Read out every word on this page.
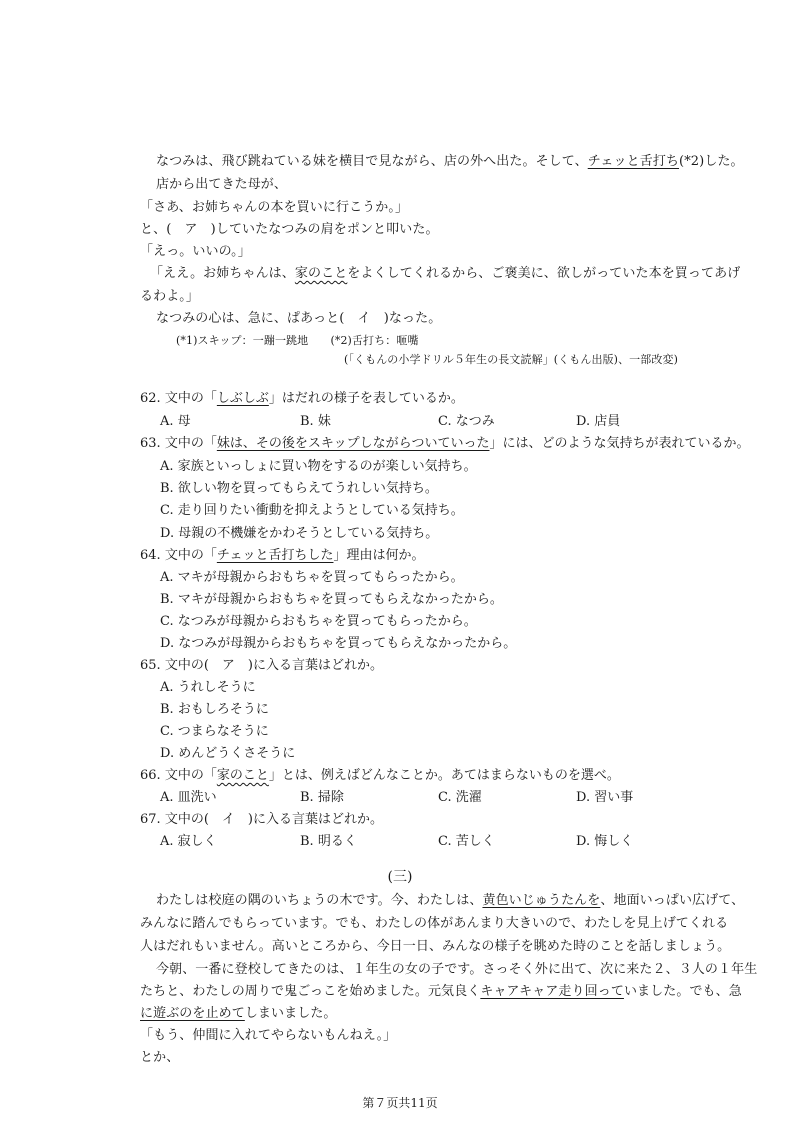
なつみは、飛び跳ねている妹を横目で見ながら、店の外へ出た。そして、チェッと舌打ち(*2)した。
店から出てきた母が、
「さあ、お姉ちゃんの本を買いに行こうか。」
と、(　ア　)していたなつみの肩をポンと叩いた。
「えっ。いいの。」
「ええ。お姉ちゃんは、家のことをよくしてくれるから、ご褒美に、欲しがっていた本を買ってあげ
るわよ。」
なつみの心は、急に、ぱあっと(　イ　)なった。
(*1)スキップ：一蹦一跳地　　(*2)舌打ち：咂嘴
(「くもんの小学ドリル５年生の長文読解」(くもん出版)、一部改変)
62. 文中の「しぶしぶ」はだれの様子を表しているか。
A. 母	B. 妹	C. なつみ	D. 店員
63. 文中の「妹は、その後をスキップしながらついていった」には、どのような気持ちが表れているか。
A. 家族といっしょに買い物をするのが楽しい気持ち。
B. 欲しい物を買ってもらえてうれしい気持ち。
C. 走り回りたい衝動を抑えようとしている気持ち。
D. 母親の不機嫌をかわそうとしている気持ち。
64. 文中の「チェッと舌打ちした」理由は何か。
A. マキが母親からおもちゃを買ってもらったから。
B. マキが母親からおもちゃを買ってもらえなかったから。
C. なつみが母親からおもちゃを買ってもらったから。
D. なつみが母親からおもちゃを買ってもらえなかったから。
65. 文中の(　ア　)に入る言葉はどれか。
A. うれしそうに
B. おもしろそうに
C. つまらなそうに
D. めんどうくさそうに
66. 文中の「家のこと」とは、例えばどんなことか。あてはまらないものを選べ。
A. 皿洗い	B. 掃除	C. 洗濯	D. 習い事
67. 文中の(　イ　)に入る言葉はどれか。
A. 寂しく	B. 明るく	C. 苦しく	D. 悔しく
(三)
わたしは校庭の隅のいちょうの木です。今、わたしは、黄色いじゅうたんを、地面いっぱい広げて、
みんなに踏んでもらっています。でも、わたしの体があんまり大きいので、わたしを見上げてくれる
人はだれもいません。高いところから、今日一日、みんなの様子を眺めた時のことを話しましょう。
今朝、一番に登校してきたのは、１年生の女の子です。さっそく外に出て、次に来た２、３人の１年生
たちと、わたしの周りで鬼ごっこを始めました。元気良くキャアキャア走り回っていました。でも、急
に遊ぶのを止めてしまいました。
「もう、仲間に入れてやらないもんねえ。」
とか、
第７页共11页
